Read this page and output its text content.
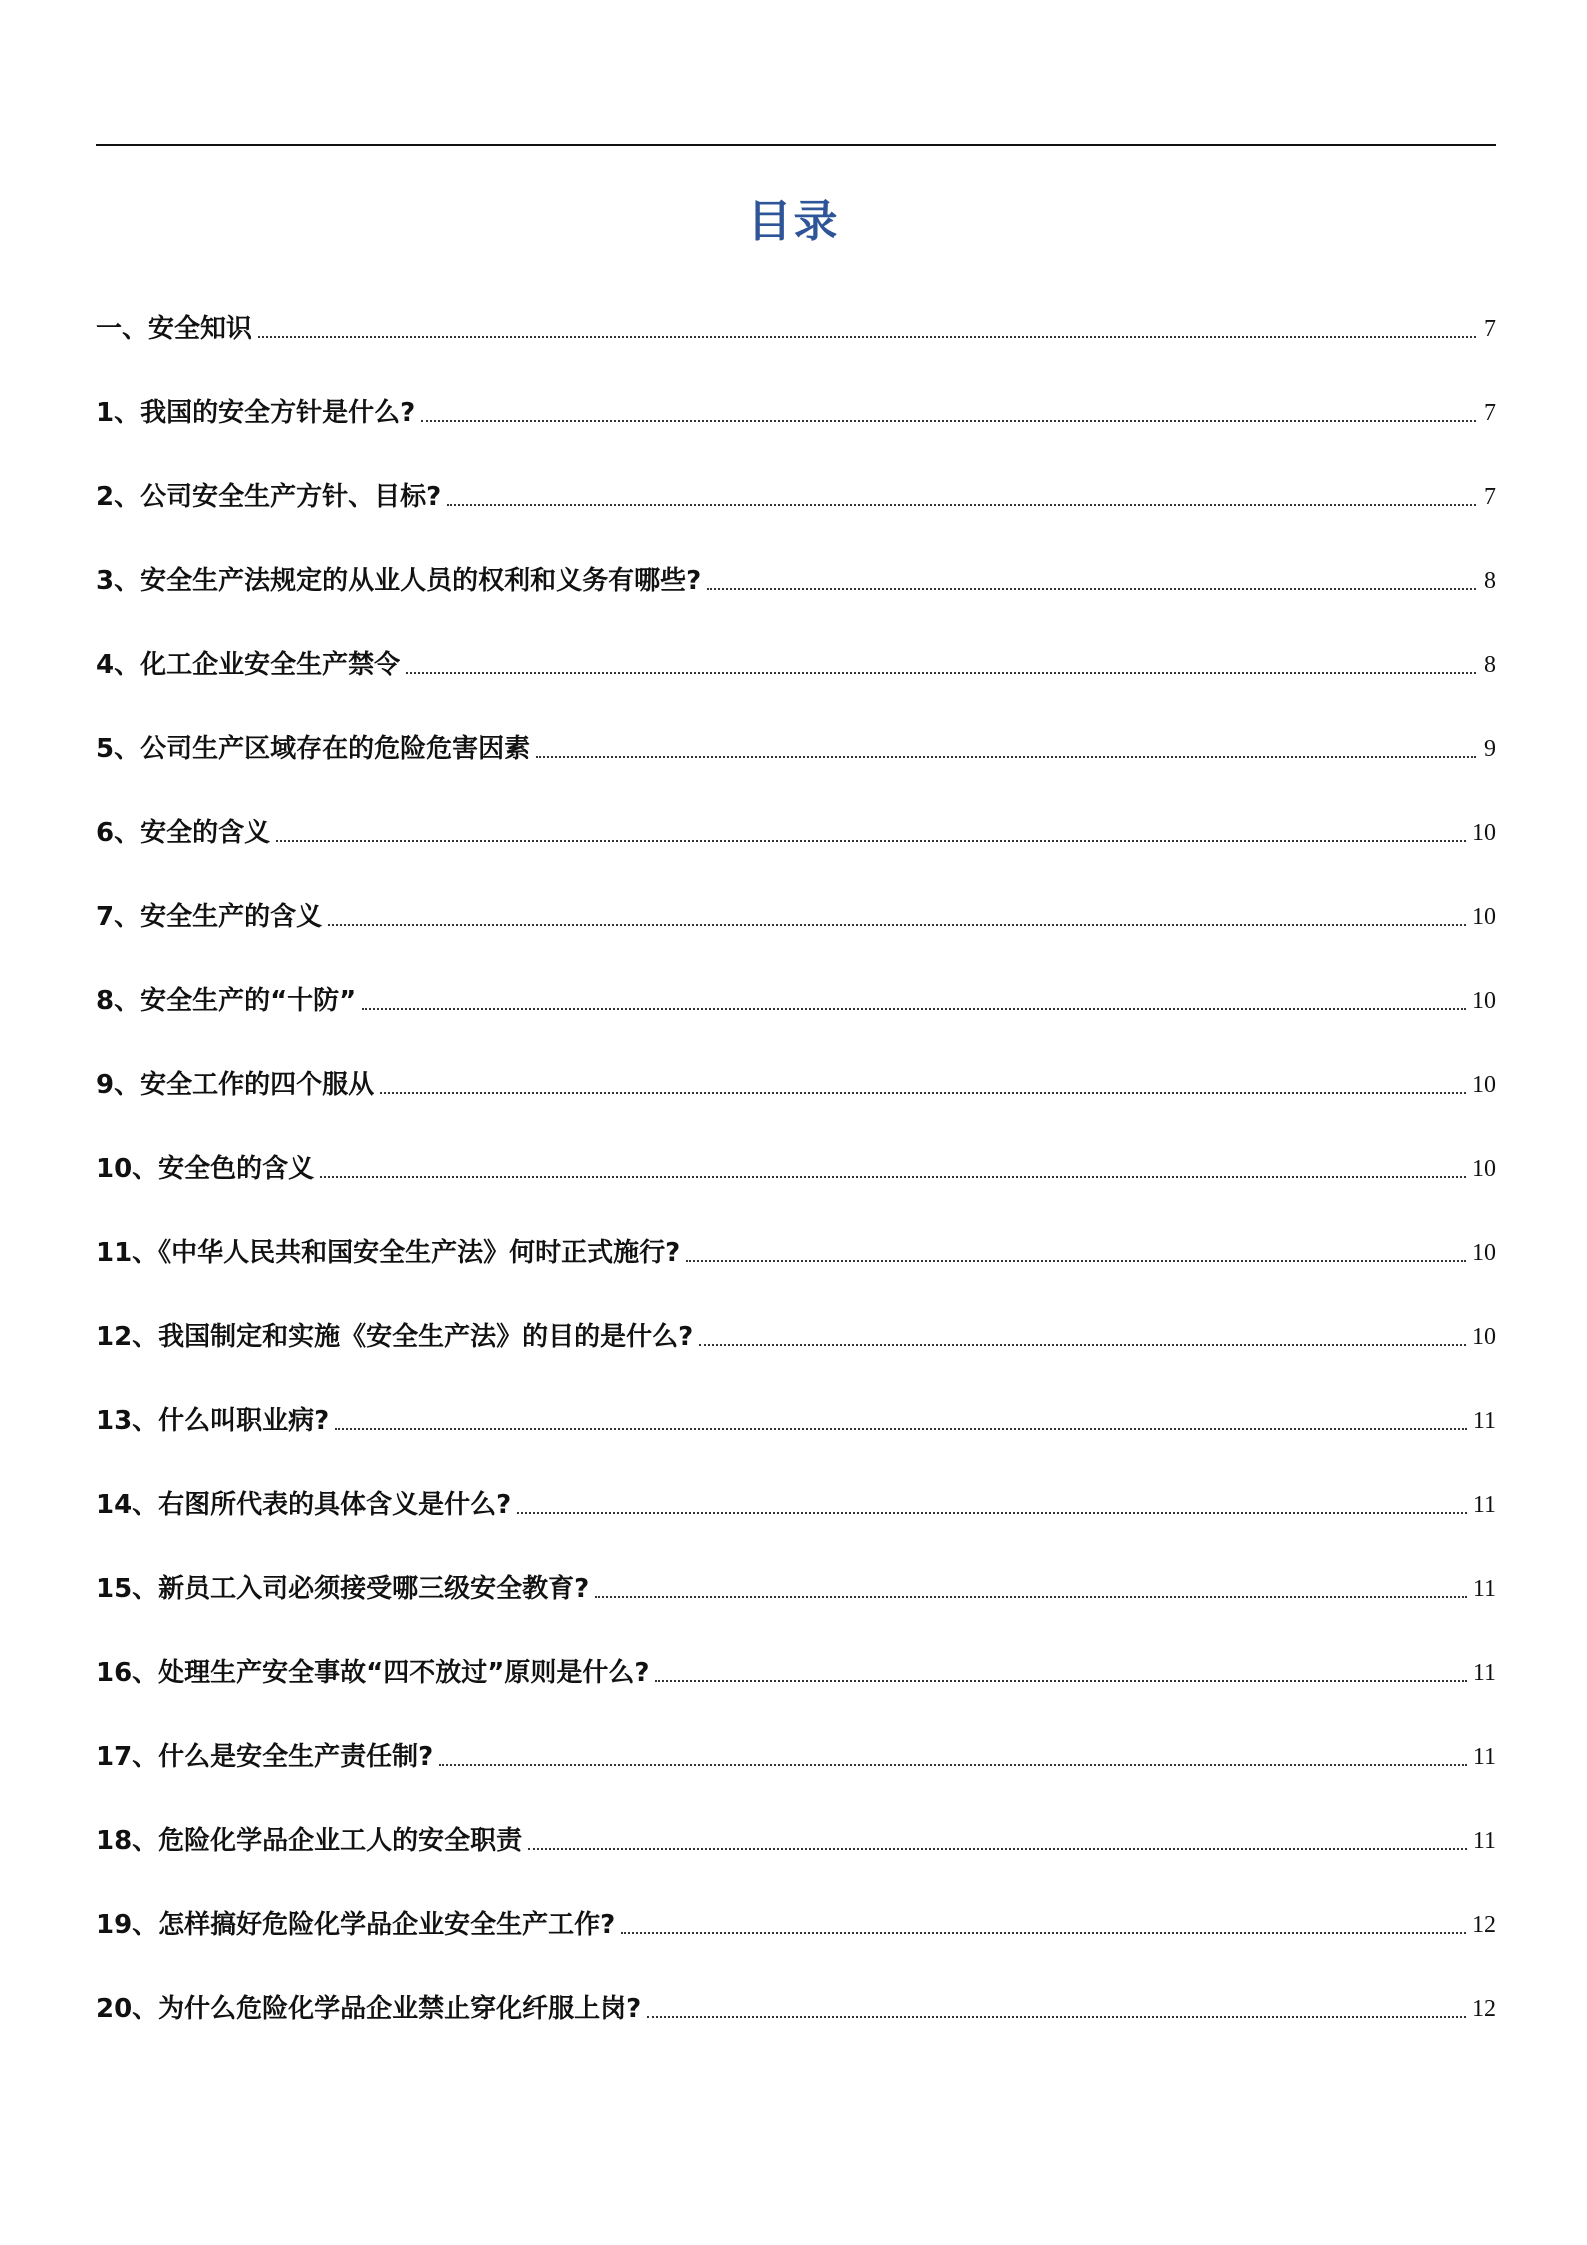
目录
一、安全知识	7
1、我国的安全方针是什么?	7
2、公司安全生产方针、目标?	7
3、安全生产法规定的从业人员的权利和义务有哪些?	8
4、化工企业安全生产禁令	8
5、公司生产区域存在的危险危害因素	9
6、安全的含义	10
7、安全生产的含义	10
8、安全生产的“十防”	10
9、安全工作的四个服从	10
10、安全色的含义	10
11、《中华人民共和国安全生产法》何时正式施行?	10
12、我国制定和实施《安全生产法》的目的是什么?	10
13、什么叫职业病?	11
14、右图所代表的具体含义是什么?	11
15、新员工入司必须接受哪三级安全教育?	11
16、处理生产安全事故“四不放过”原则是什么?	11
17、什么是安全生产责任制?	11
18、危险化学品企业工人的安全职责	11
19、怎样搞好危险化学品企业安全生产工作?	12
20、为什么危险化学品企业禁止穿化纤服上岗?	12
